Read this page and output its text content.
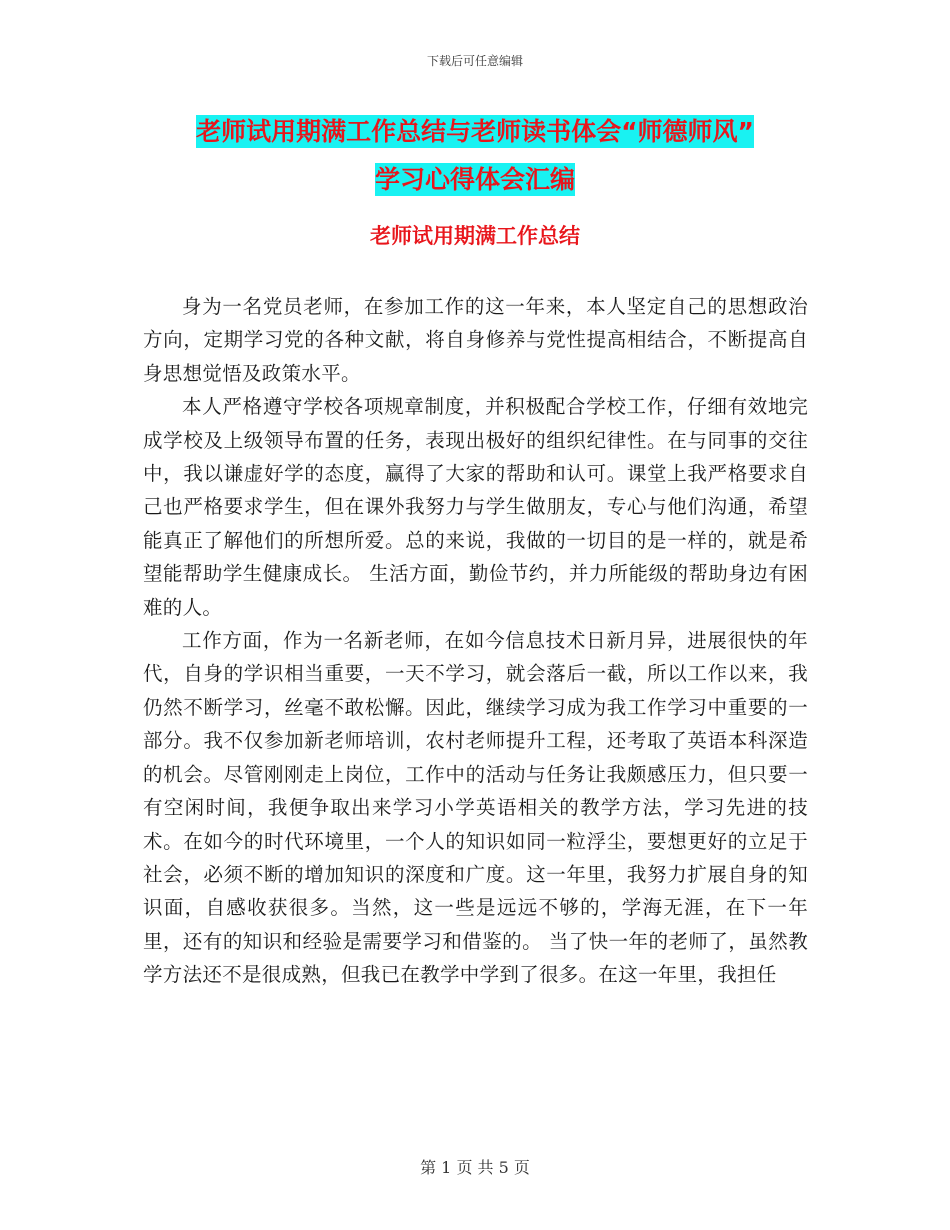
下载后可任意编辑
老师试用期满工作总结与老师读书体会“师德师风”
学习心得体会汇编
老师试用期满工作总结

身为一名党员老师，在参加工作的这一年来，本人坚定自己的思想政治方向，定期学习党的各种文献，将自身修养与党性提高相结合，不断提高自身思想觉悟及政策水平。

本人严格遵守学校各项规章制度，并积极配合学校工作，仔细有效地完成学校及上级领导布置的任务，表现出极好的组织纪律性。在与同事的交往中，我以谦虚好学的态度，赢得了大家的帮助和认可。课堂上我严格要求自己也严格要求学生，但在课外我努力与学生做朋友，专心与他们沟通，希望能真正了解他们的所想所爱。总的来说，我做的一切目的是一样的，就是希望能帮助学生健康成长。 生活方面，勤俭节约，并力所能级的帮助身边有困难的人。

工作方面，作为一名新老师，在如今信息技术日新月异，进展很快的年代，自身的学识相当重要，一天不学习，就会落后一截，所以工作以来，我仍然不断学习，丝毫不敢松懈。因此，继续学习成为我工作学习中重要的一部分。我不仅参加新老师培训，农村老师提升工程，还考取了英语本科深造的机会。尽管刚刚走上岗位，工作中的活动与任务让我颇感压力，但只要一有空闲时间，我便争取出来学习小学英语相关的教学方法，学习先进的技术。在如今的时代环境里，一个人的知识如同一粒浮尘，要想更好的立足于社会，必须不断的增加知识的深度和广度。这一年里，我努力扩展自身的知识面，自感收获很多。当然，这一些是远远不够的，学海无涯，在下一年里，还有的知识和经验是需要学习和借鉴的。 当了快一年的老师了，虽然教学方法还不是很成熟，但我已在教学中学到了很多。在这一年里，我担任

第 1 页 共 5 页
